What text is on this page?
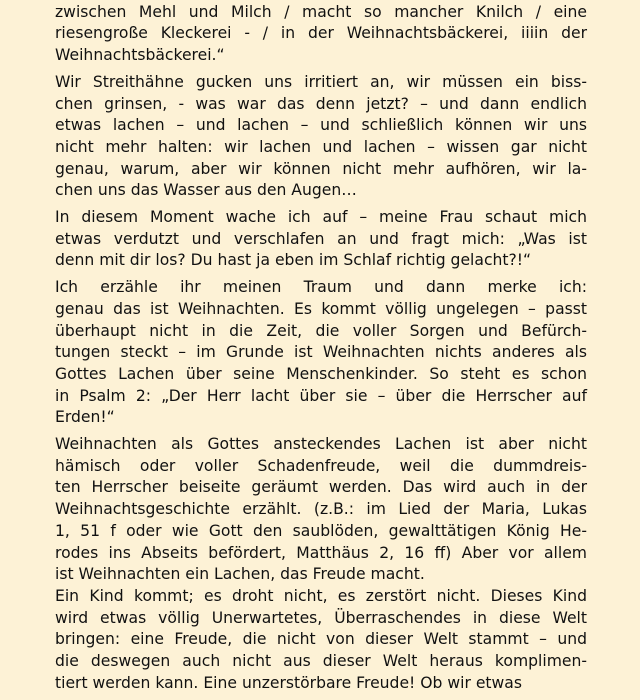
zwischen Mehl und Milch / macht so mancher Knilch / eine
riesengroße Kleckerei - / in der Weihnachtsbäckerei, iiiin der
Weihnachtsbäckerei.“
Wir Streithähne gucken uns irritiert an, wir müssen ein biss-
chen grinsen, - was war das denn jetzt? – und dann endlich
etwas lachen – und lachen – und schließlich können wir uns
nicht mehr halten: wir lachen und lachen – wissen gar nicht
genau, warum, aber wir können nicht mehr aufhören, wir la-
chen uns das Wasser aus den Augen…
In diesem Moment wache ich auf – meine Frau schaut mich
etwas verdutzt und verschlafen an und fragt mich: „Was ist
denn mit dir los? Du hast ja eben im Schlaf richtig gelacht?!“
Ich erzähle ihr meinen Traum und dann merke ich:
genau das ist Weihnachten. Es kommt völlig ungelegen – passt
überhaupt nicht in die Zeit, die voller Sorgen und Befürch-
tungen steckt – im Grunde ist Weihnachten nichts anderes als
Gottes Lachen über seine Menschenkinder. So steht es schon
in Psalm 2: „Der Herr lacht über sie – über die Herrscher auf
Erden!“
Weihnachten als Gottes ansteckendes Lachen ist aber nicht
hämisch oder voller Schadenfreude, weil die dummdreis-
ten Herrscher beiseite geräumt werden. Das wird auch in der
Weihnachtsgeschichte erzählt. (z.B.: im Lied der Maria, Lukas
1, 51 f oder wie Gott den saublöden, gewalttätigen König He-
rodes ins Abseits befördert, Matthäus 2, 16 ff) Aber vor allem
ist Weihnachten ein Lachen, das Freude macht.
Ein Kind kommt; es droht nicht, es zerstört nicht. Dieses Kind
wird etwas völlig Unerwartetes, Überraschendes in diese Welt
bringen: eine Freude, die nicht von dieser Welt stammt – und
die deswegen auch nicht aus dieser Welt heraus komplimen-
tiert werden kann. Eine unzerstörbare Freude! Ob wir etwas
